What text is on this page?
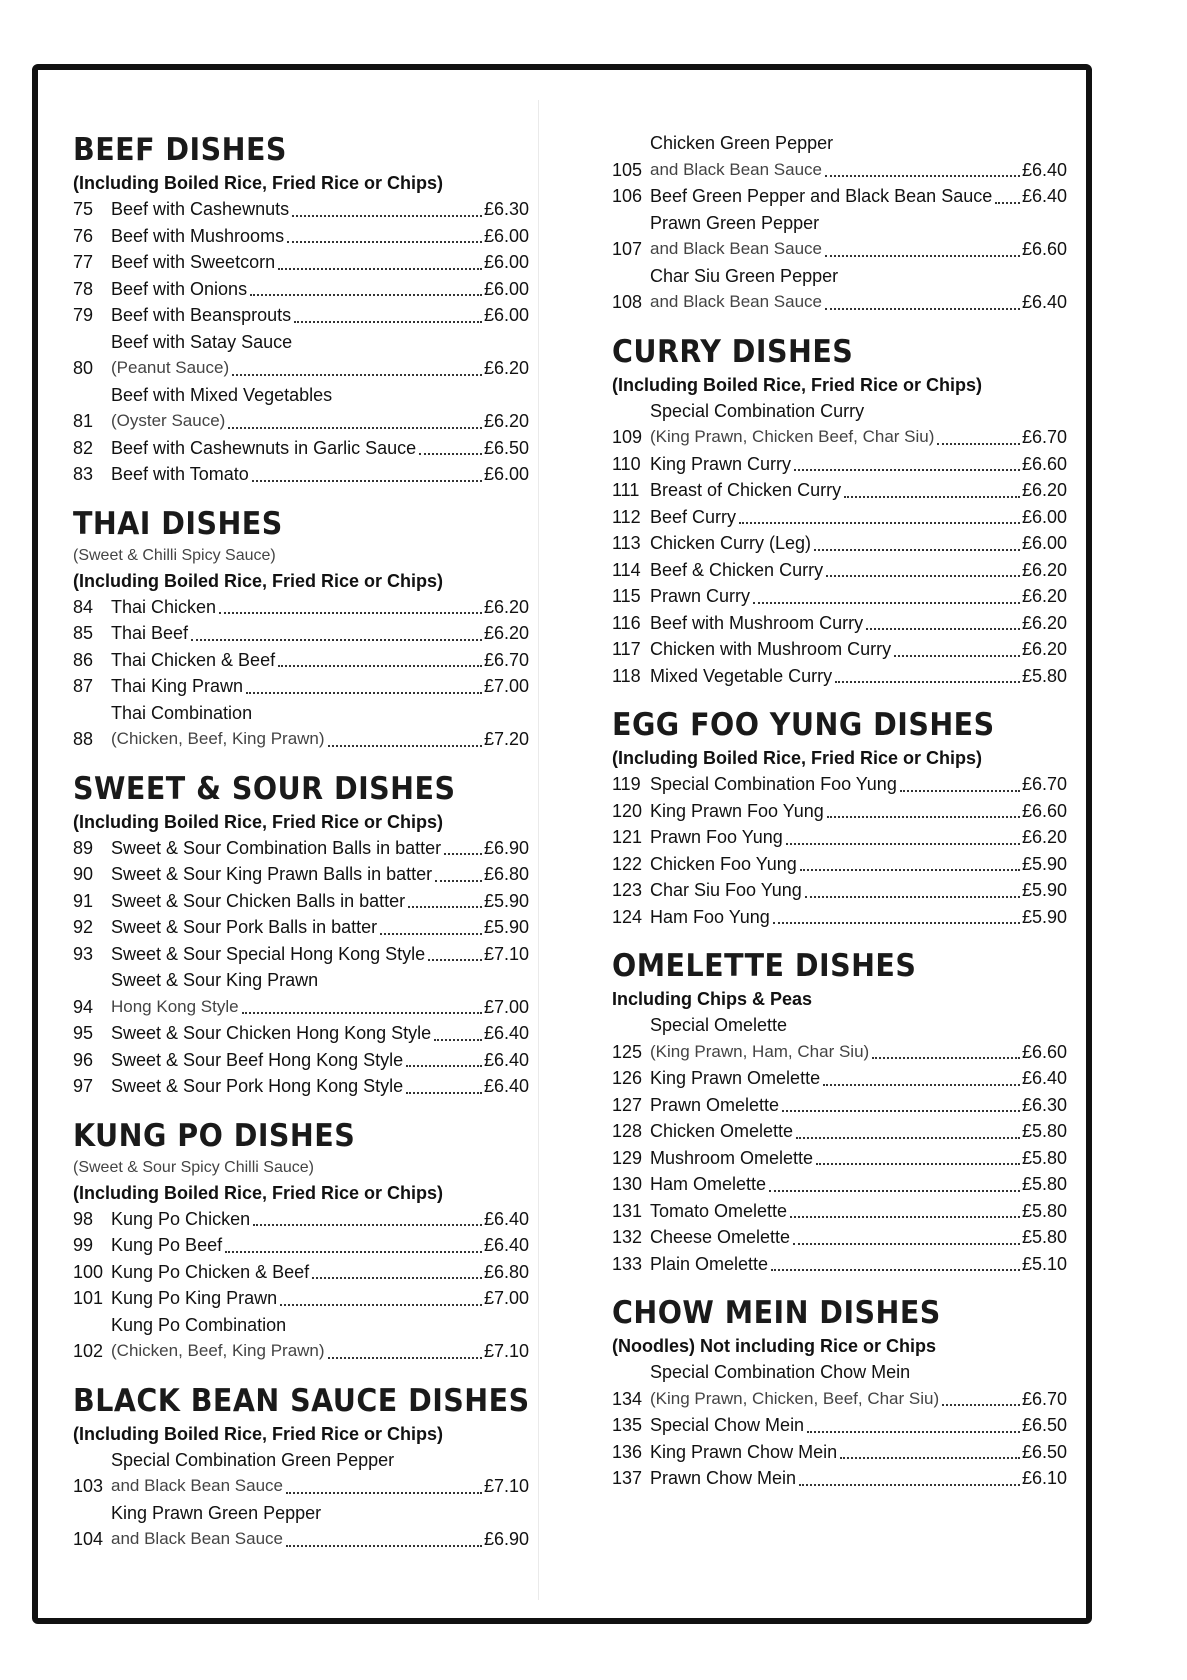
BEEF DISHES
(Including Boiled Rice, Fried Rice or Chips)
75 Beef with Cashewnuts	£6.30
76 Beef with Mushrooms	£6.00
77 Beef with Sweetcorn	£6.00
78 Beef with Onions	£6.00
79 Beef with Beansprouts	£6.00
80
Beef with Satay Sauce
(Peanut Sauce)	£6.20
81
Beef with Mixed Vegetables
(Oyster Sauce)	£6.20
82 Beef with Cashewnuts in Garlic Sauce	£6.50
83 Beef with Tomato	£6.00
THAI DISHES
(Sweet & Chilli Spicy Sauce)
(Including Boiled Rice, Fried Rice or Chips)
84 Thai Chicken	£6.20
85 Thai Beef	£6.20
86 Thai Chicken & Beef	£6.70
87 Thai King Prawn	£7.00
88
Thai Combination
(Chicken, Beef, King Prawn)	£7.20
SWEET & SOUR DISHES
(Including Boiled Rice, Fried Rice or Chips)
89 Sweet & Sour Combination Balls in batter £6.90
90 Sweet & Sour King Prawn Balls in batter	£6.80
91 Sweet & Sour Chicken Balls in batter	£5.90
92 Sweet & Sour Pork Balls in batter	£5.90
93 Sweet & Sour Special Hong Kong Style	£7.10
94
Sweet & Sour King Prawn
Hong Kong Style	£7.00
95 Sweet & Sour Chicken Hong Kong Style	£6.40
96 Sweet & Sour Beef Hong Kong Style	£6.40
97 Sweet & Sour Pork Hong Kong Style	£6.40
KUNG PO DISHES
(Sweet & Sour Spicy Chilli Sauce)
(Including Boiled Rice, Fried Rice or Chips)
98 Kung Po Chicken	£6.40
99 Kung Po Beef	£6.40
100 Kung Po Chicken & Beef	£6.80
101 Kung Po King Prawn	£7.00
102
Kung Po Combination
(Chicken, Beef, King Prawn)	£7.10
BLACK BEAN SAUCE DISHES
(Including Boiled Rice, Fried Rice or Chips)
103
Special Combination Green Pepper
and Black Bean Sauce	£7.10
104
King Prawn Green Pepper
and Black Bean Sauce	£6.90
105
Chicken Green Pepper
and Black Bean Sauce	£6.40
106 Beef Green Pepper and Black Bean Sauce £6.40
107
Prawn Green Pepper
and Black Bean Sauce	£6.60
108
Char Siu Green Pepper
and Black Bean Sauce	£6.40
CURRY DISHES
(Including Boiled Rice, Fried Rice or Chips)
109
Special Combination Curry
(King Prawn, Chicken Beef, Char Siu)	£6.70
110 King Prawn Curry	£6.60
111 Breast of Chicken Curry	£6.20
112 Beef Curry	£6.00
113 Chicken Curry (Leg)	£6.00
114 Beef & Chicken Curry	£6.20
115 Prawn Curry	£6.20
116 Beef with Mushroom Curry	£6.20
117 Chicken with Mushroom Curry	£6.20
118 Mixed Vegetable Curry	£5.80
EGG FOO YUNG DISHES
(Including Boiled Rice, Fried Rice or Chips)
119 Special Combination Foo Yung	£6.70
120 King Prawn Foo Yung	£6.60
121 Prawn Foo Yung	£6.20
122 Chicken Foo Yung	£5.90
123 Char Siu Foo Yung	£5.90
124 Ham Foo Yung	£5.90
OMELETTE DISHES
Including Chips & Peas
125
Special Omelette
(King Prawn, Ham, Char Siu)	£6.60
126 King Prawn Omelette	£6.40
127 Prawn Omelette	£6.30
128 Chicken Omelette	£5.80
129 Mushroom Omelette	£5.80
130 Ham Omelette	£5.80
131 Tomato Omelette	£5.80
132 Cheese Omelette	£5.80
133 Plain Omelette	£5.10
CHOW MEIN DISHES
(Noodles) Not including Rice or Chips
134
Special Combination Chow Mein
(King Prawn, Chicken, Beef, Char Siu)	£6.70
135 Special Chow Mein	£6.50
136 King Prawn Chow Mein	£6.50
137 Prawn Chow Mein	£6.10
